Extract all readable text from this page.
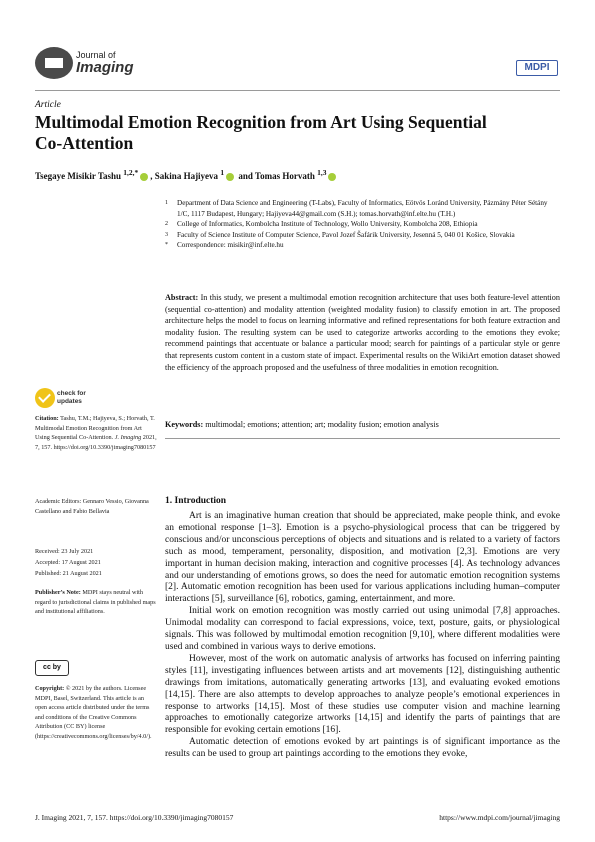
Journal of
Imaging	MDPI
Article
Multimodal Emotion Recognition from Art Using Sequential Co-Attention
Tsegaye Misikir Tashu $^{1,2,*}$ , Sakina Hajiyeva $^1$ and Tomas Horvath $^{1,3}$
1 Department of Data Science and Engineering (T-Labs), Faculty of Informatics, Eötvös Loránd University, Pázmány Péter Sétány 1/C, 1117 Budapest, Hungary; Hajiyeva44@gmail.com (S.H.); tomas.horvath@inf.elte.hu (T.H.)
2 College of Informatics, Kombolcha Institute of Technology, Wollo University, Kombolcha 208, Ethiopia
3 Faculty of Science Institute of Computer Science, Pavol Jozef Šafárik University, Jesenná 5, 040 01 Košice, Slovakia
* Correspondence: misikir@inf.elte.hu
Abstract: In this study, we present a multimodal emotion recognition architecture that uses both feature-level attention (sequential co-attention) and modality attention (weighted modality fusion) to classify emotion in art. The proposed architecture helps the model to focus on learning informative and refined representations for both feature extraction and modality fusion. The resulting system can be used to categorize artworks according to the emotions they evoke; recommend paintings that accentuate or balance a particular mood; search for paintings of a particular style or genre that represents custom content in a custom state of impact. Experimental results on the WikiArt emotion dataset showed the efficiency of the approach proposed and the usefulness of three modalities in emotion recognition.
Keywords: multimodal; emotions; attention; art; modality fusion; emotion analysis
check for
updates
Citation: Tashu, T.M.; Hajiyeva, S.; Horvath, T. Multimodal Emotion Recognition from Art Using Sequential Co-Attention. J. Imaging 2021, 7, 157. https://doi.org/10.3390/jimaging7080157
Academic Editors: Gennaro Vessio, Giovanna Castellano and Fabio Bellavia
Received: 23 July 2021
Accepted: 17 August 2021
Published: 21 August 2021
Publisher’s Note: MDPI stays neutral with regard to jurisdictional claims in published maps and institutional affiliations.
cc by
Copyright: © 2021 by the authors. Licensee MDPI, Basel, Switzerland. This article is an open access article distributed under the terms and conditions of the Creative Commons Attribution (CC BY) license (https://creativecommons.org/licenses/by/4.0/).
1. Introduction

Art is an imaginative human creation that should be appreciated, make people think, and evoke an emotional response [1–3]. Emotion is a psycho-physiological process that can be triggered by conscious and/or unconscious perceptions of objects and situations and is related to a variety of factors such as mood, temperament, personality, disposition, and motivation [2,3]. Emotions are very important in human decision making, interaction and cognitive processes [4]. As technology advances and our understanding of emotions grows, so does the need for automatic emotion recognition systems [2]. Automatic emotion recognition has been used for various applications including human–computer interactions [5], surveillance [6], robotics, gaming, entertainment, and more.

Initial work on emotion recognition was mostly carried out using unimodal [7,8] approaches. Unimodal modality can correspond to facial expressions, voice, text, posture, gaits, or physiological signals. This was followed by multimodal emotion recognition [9,10], where different modalities were used and combined in various ways to derive emotions.

However, most of the work on automatic analysis of artworks has focused on inferring painting styles [11], investigating influences between artists and art movements [12], distinguishing authentic drawings from imitations, automatically generating artworks [13], and evaluating evoked emotions [14,15]. There are also attempts to develop approaches to analyze people’s emotional experiences in response to artworks [14,15]. Most of these studies use computer vision and machine learning approaches to emotionally categorize artworks [14,15] and identify the parts of paintings that are responsible for evoking certain emotions [16].

Automatic detection of emotions evoked by art paintings is of significant importance as the results can be used to group art paintings according to the emotions they evoke,

J. Imaging 2021, 7, 157. https://doi.org/10.3390/jimaging7080157	https://www.mdpi.com/journal/jimaging
